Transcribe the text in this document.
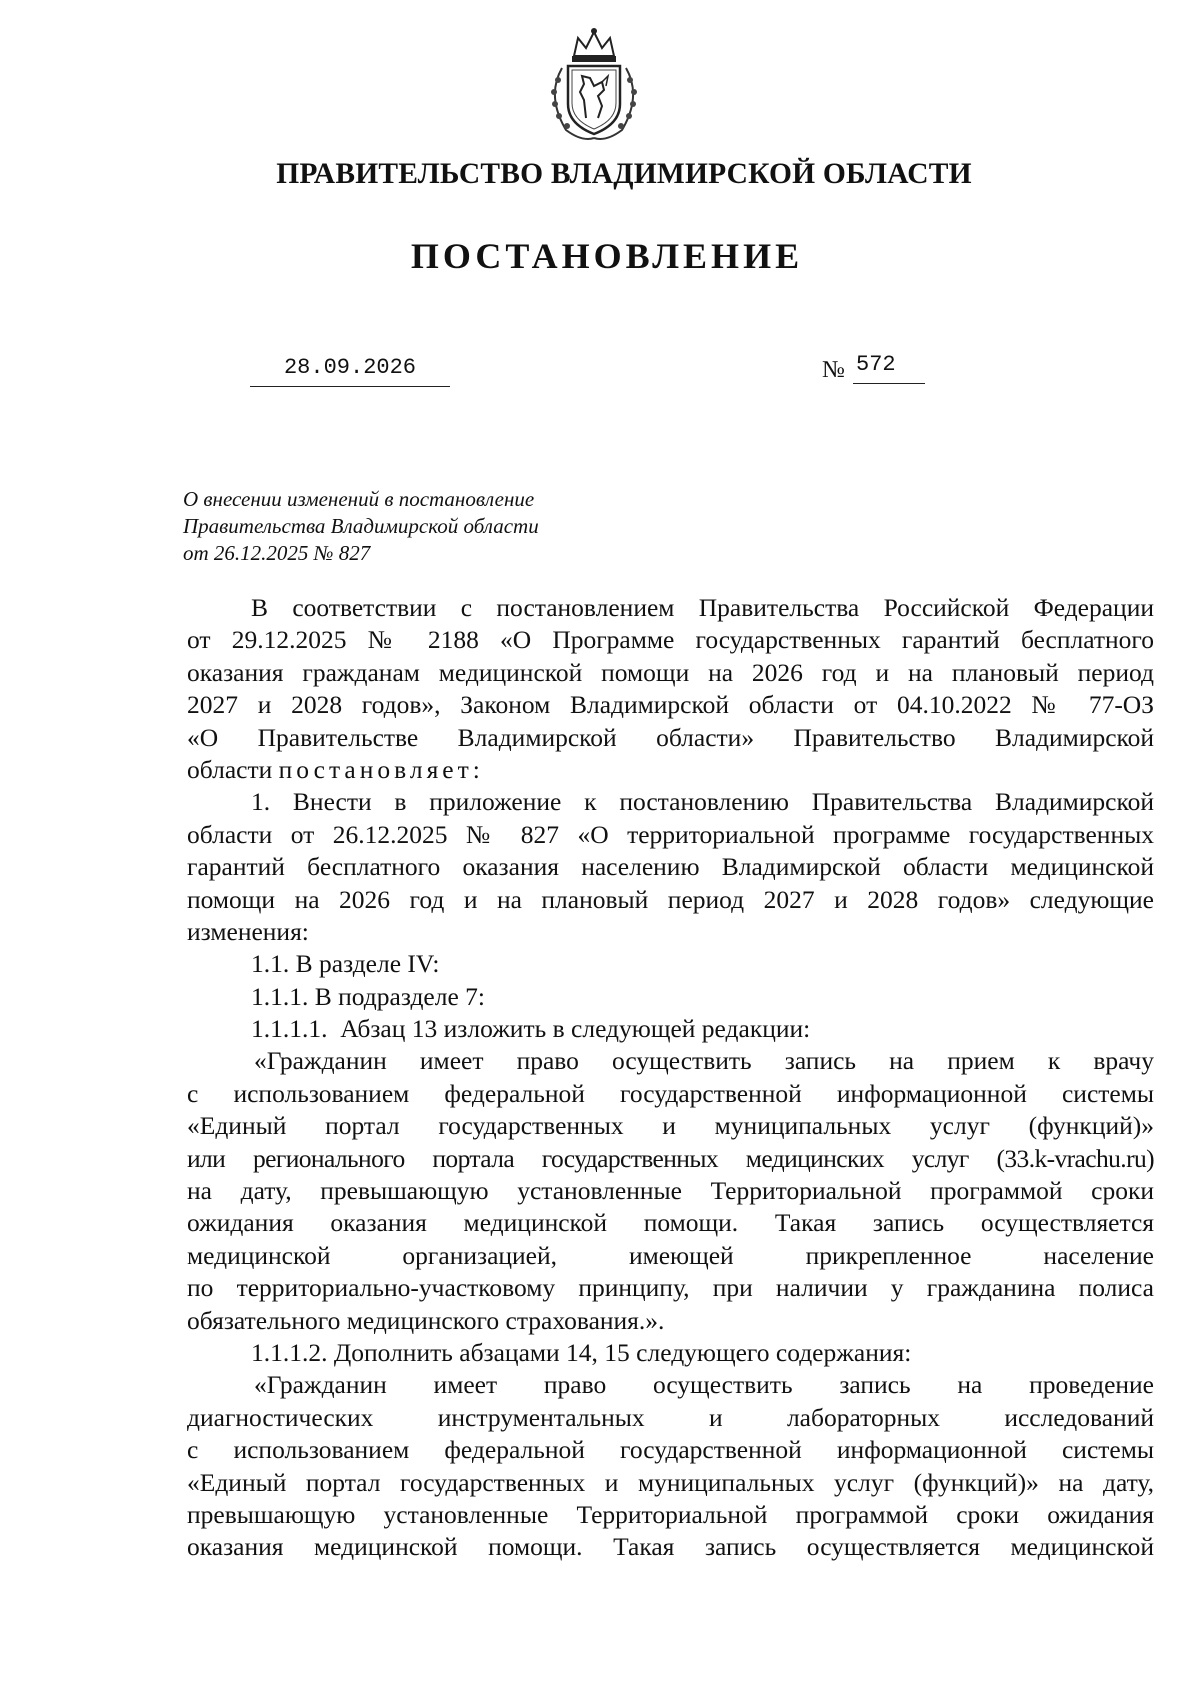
ПРАВИТЕЛЬСТВО ВЛАДИМИРСКОЙ ОБЛАСТИ
ПОСТАНОВЛЕНИЕ
28.09.2026	№ 572
О внесении изменений в постановление
Правительства Владимирской области
от 26.12.2025 № 827
В соответствии с постановлением Правительства Российской Федерации
от 29.12.2025 № 2188 «О Программе государственных гарантий бесплатного
оказания гражданам медицинской помощи на 2026 год и на плановый период
2027 и 2028 годов», Законом Владимирской области от 04.10.2022 № 77-ОЗ
«О Правительстве Владимирской области» Правительство Владимирской
области постановляет:
1. Внести в приложение к постановлению Правительства Владимирской
области от 26.12.2025 № 827 «О территориальной программе государственных
гарантий бесплатного оказания населению Владимирской области медицинской
помощи на 2026 год и на плановый период 2027 и 2028 годов» следующие
изменения:
1.1. В разделе IV:
1.1.1. В подразделе 7:
1.1.1.1.  Абзац 13 изложить в следующей редакции:
«Гражданин имеет право осуществить запись на прием к врачу
с использованием федеральной государственной информационной системы
«Единый портал государственных и муниципальных услуг (функций)»
или регионального портала государственных медицинских услуг (33.k-vrachu.ru)
на дату, превышающую установленные Территориальной программой сроки
ожидания оказания медицинской помощи. Такая запись осуществляется
медицинской организацией, имеющей прикрепленное население
по территориально-участковому принципу, при наличии у гражданина полиса
обязательного медицинского страхования.».
1.1.1.2. Дополнить абзацами 14, 15 следующего содержания:
«Гражданин имеет право осуществить запись на проведение
диагностических инструментальных и лабораторных исследований
с использованием федеральной государственной информационной системы
«Единый портал государственных и муниципальных услуг (функций)» на дату,
превышающую установленные Территориальной программой сроки ожидания
оказания медицинской помощи. Такая запись осуществляется медицинской
